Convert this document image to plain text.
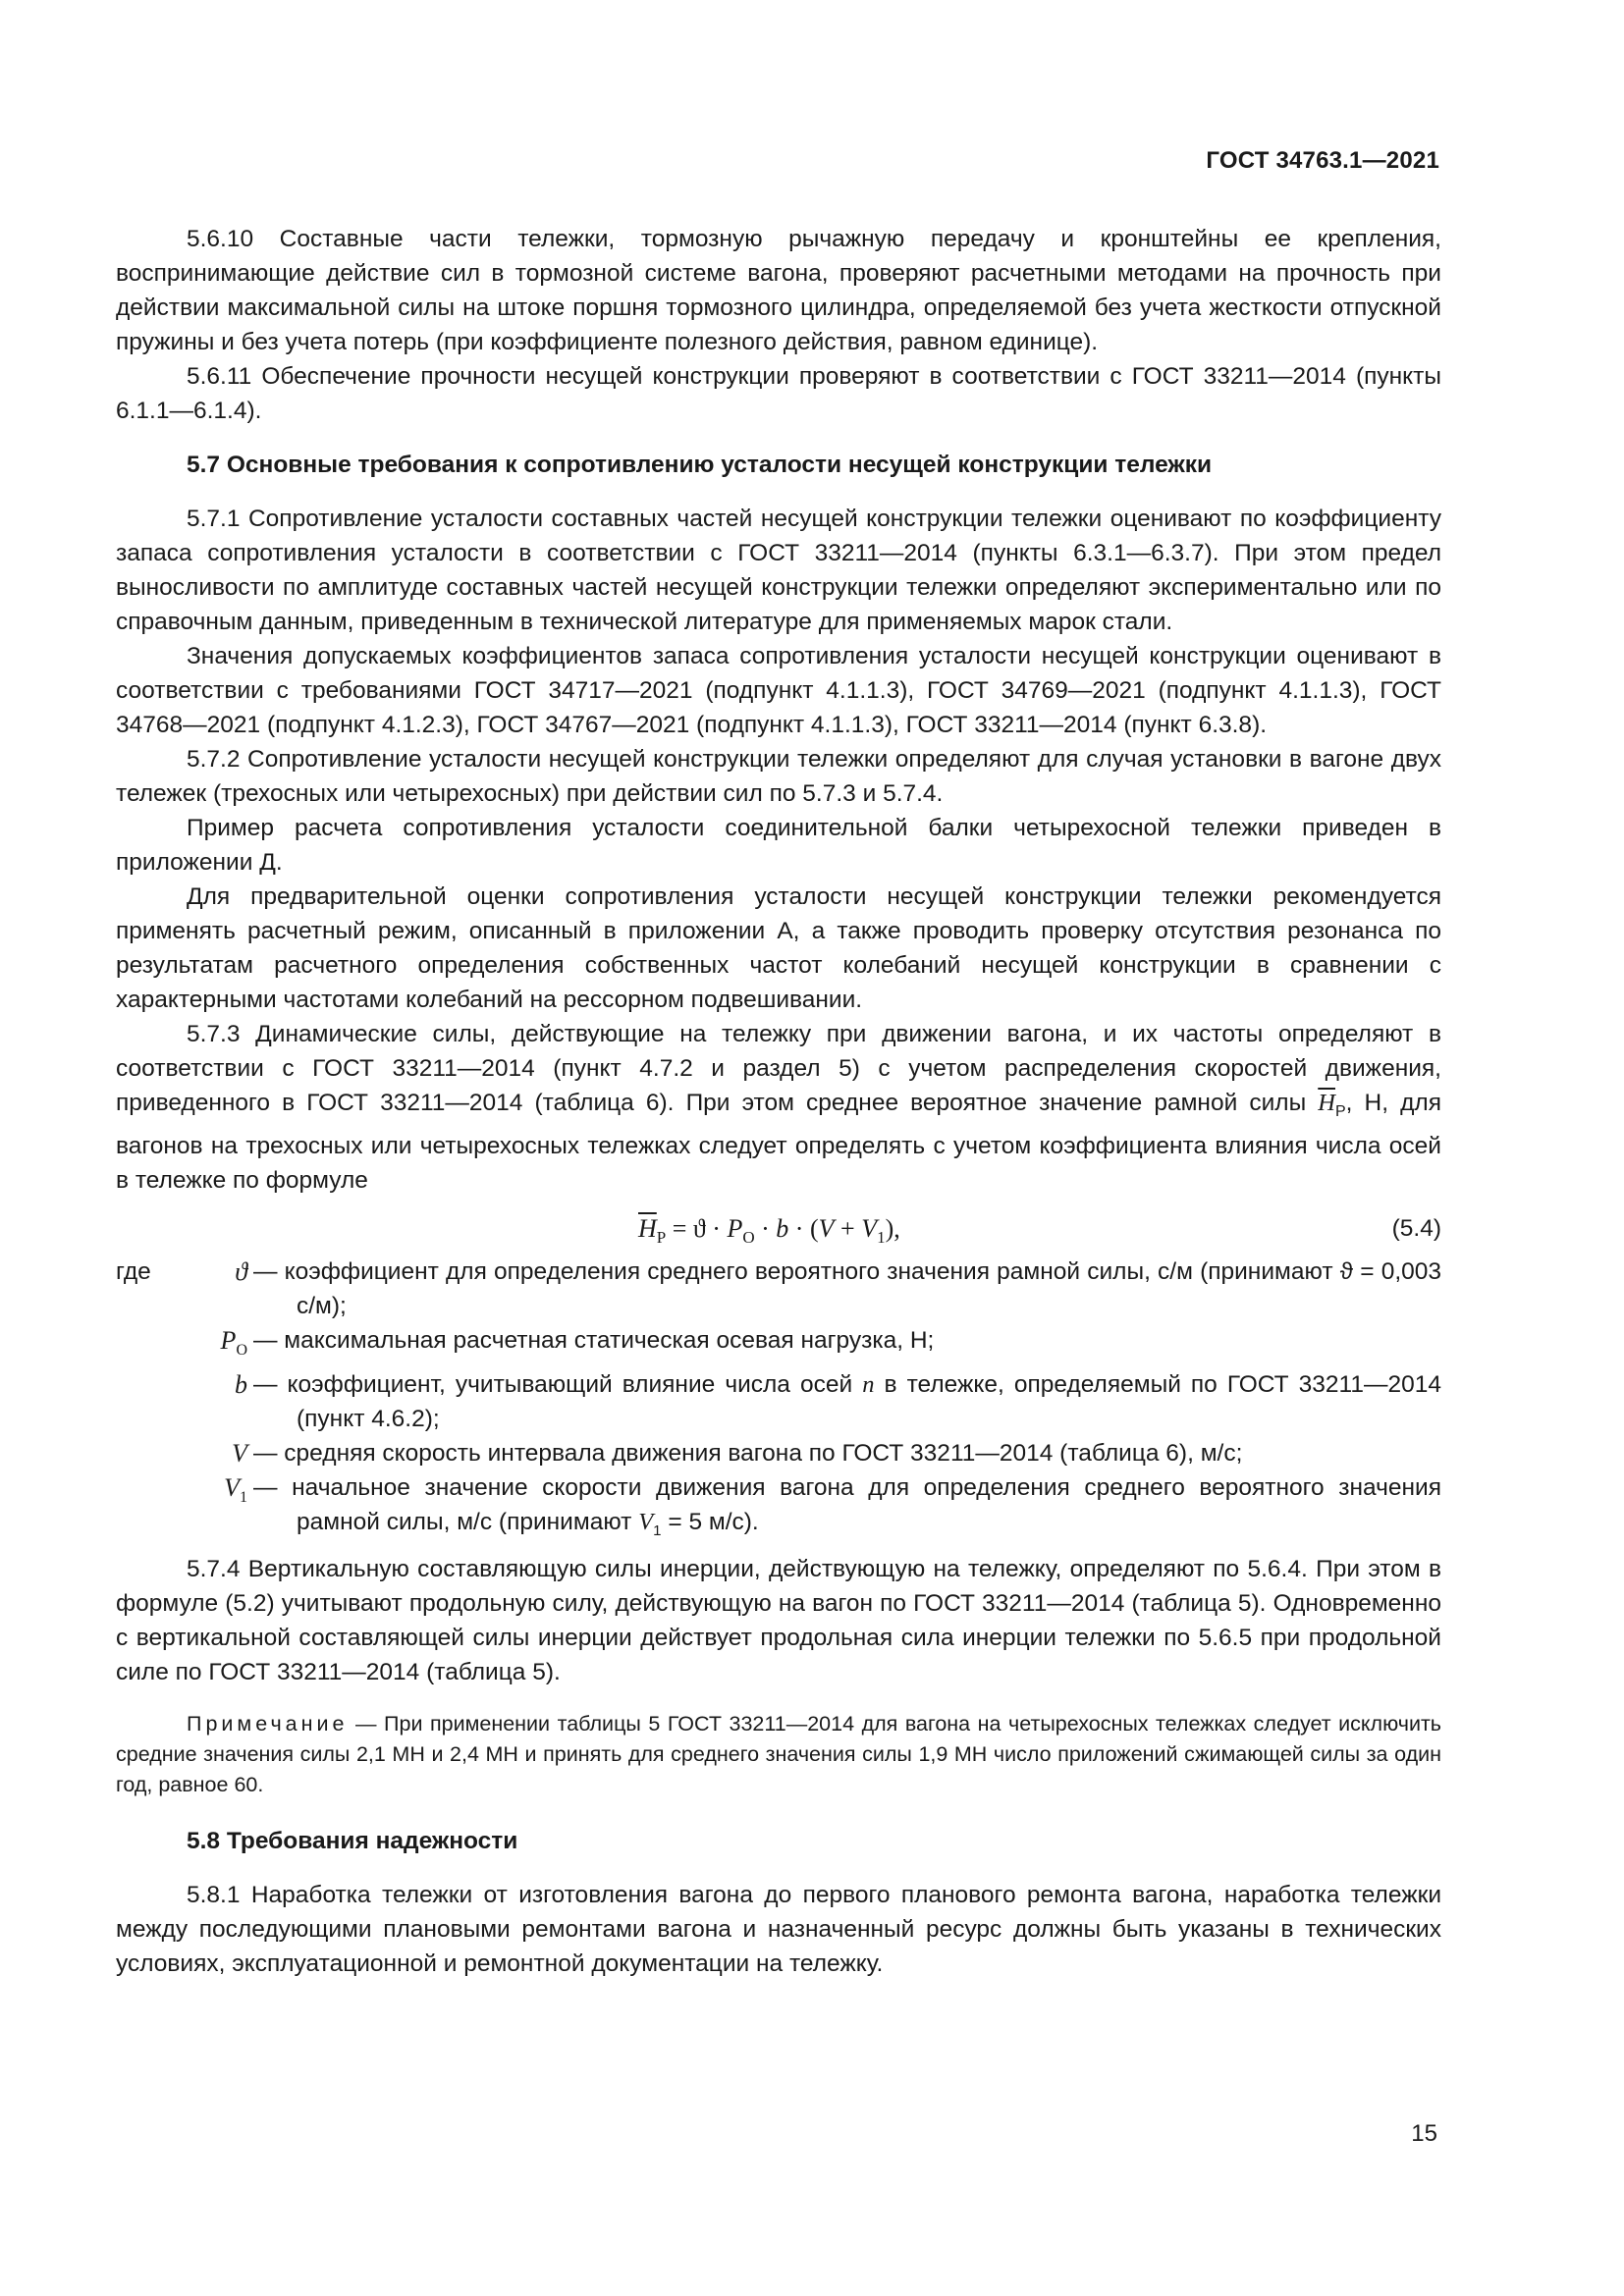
ГОСТ 34763.1—2021

5.6.10 Составные части тележки, тормозную рычажную передачу и кронштейны ее крепления, воспринимающие действие сил в тормозной системе вагона, проверяют расчетными методами на прочность при действии максимальной силы на штоке поршня тормозного цилиндра, определяемой без учета жесткости отпускной пружины и без учета потерь (при коэффициенте полезного действия, равном единице).

5.6.11 Обеспечение прочности несущей конструкции проверяют в соответствии с ГОСТ 33211—2014 (пункты 6.1.1—6.1.4).

5.7 Основные требования к сопротивлению усталости несущей конструкции тележки

5.7.1 Сопротивление усталости составных частей несущей конструкции тележки оценивают по коэффициенту запаса сопротивления усталости в соответствии с ГОСТ 33211—2014 (пункты 6.3.1—6.3.7). При этом предел выносливости по амплитуде составных частей несущей конструкции тележки определяют экспериментально или по справочным данным, приведенным в технической литературе для применяемых марок стали.

Значения допускаемых коэффициентов запаса сопротивления усталости несущей конструкции оценивают в соответствии с требованиями ГОСТ 34717—2021 (подпункт 4.1.1.3), ГОСТ 34769—2021 (подпункт 4.1.1.3), ГОСТ 34768—2021 (подпункт 4.1.2.3), ГОСТ 34767—2021 (подпункт 4.1.1.3), ГОСТ 33211—2014 (пункт 6.3.8).

5.7.2 Сопротивление усталости несущей конструкции тележки определяют для случая установки в вагоне двух тележек (трехосных или четырехосных) при действии сил по 5.7.3 и 5.7.4.

Пример расчета сопротивления усталости соединительной балки четырехосной тележки приведен в приложении Д.

Для предварительной оценки сопротивления усталости несущей конструкции тележки рекомендуется применять расчетный режим, описанный в приложении А, а также проводить проверку отсутствия резонанса по результатам расчетного определения собственных частот колебаний несущей конструкции в сравнении с характерными частотами колебаний на рессорном подвешивании.

5.7.3 Динамические силы, действующие на тележку при движении вагона, и их частоты определяют в соответствии с ГОСТ 33211—2014 (пункт 4.7.2 и раздел 5) с учетом распределения скоростей движения, приведенного в ГОСТ 33211—2014 (таблица 6). При этом среднее вероятное значение рамной силы $\overline{H}_P$, Н, для вагонов на трехосных или четырехосных тележках следует определять с учетом коэффициента влияния числа осей в тележке по формуле

$\overline{H}_P = ϑ \cdot P_O \cdot b \cdot (V + V_1)$,	(5.4)
где	ϑ — коэффициент для определения среднего вероятного значения рамной силы, с/м (принимают ϑ = 0,003 с/м);
$P_O$ — максимальная расчетная статическая осевая нагрузка, Н;
b — коэффициент, учитывающий влияние числа осей n в тележке, определяемый по ГОСТ 33211—2014 (пункт 4.6.2);
V — средняя скорость интервала движения вагона по ГОСТ 33211—2014 (таблица 6), м/с;
$V_1$ — начальное значение скорости движения вагона для определения среднего вероятного значения рамной силы, м/с (принимают $V_1 = 5$ м/с).

5.7.4 Вертикальную составляющую силы инерции, действующую на тележку, определяют по 5.6.4. При этом в формуле (5.2) учитывают продольную силу, действующую на вагон по ГОСТ 33211—2014 (таблица 5). Одновременно с вертикальной составляющей силы инерции действует продольная сила инерции тележки по 5.6.5 при продольной силе по ГОСТ 33211—2014 (таблица 5).

Примечание — При применении таблицы 5 ГОСТ 33211—2014 для вагона на четырехосных тележках следует исключить средние значения силы 2,1 МН и 2,4 МН и принять для среднего значения силы 1,9 МН число приложений сжимающей силы за один год, равное 60.

5.8 Требования надежности

5.8.1 Наработка тележки от изготовления вагона до первого планового ремонта вагона, наработка тележки между последующими плановыми ремонтами вагона и назначенный ресурс должны быть указаны в технических условиях, эксплуатационной и ремонтной документации на тележку.

15
